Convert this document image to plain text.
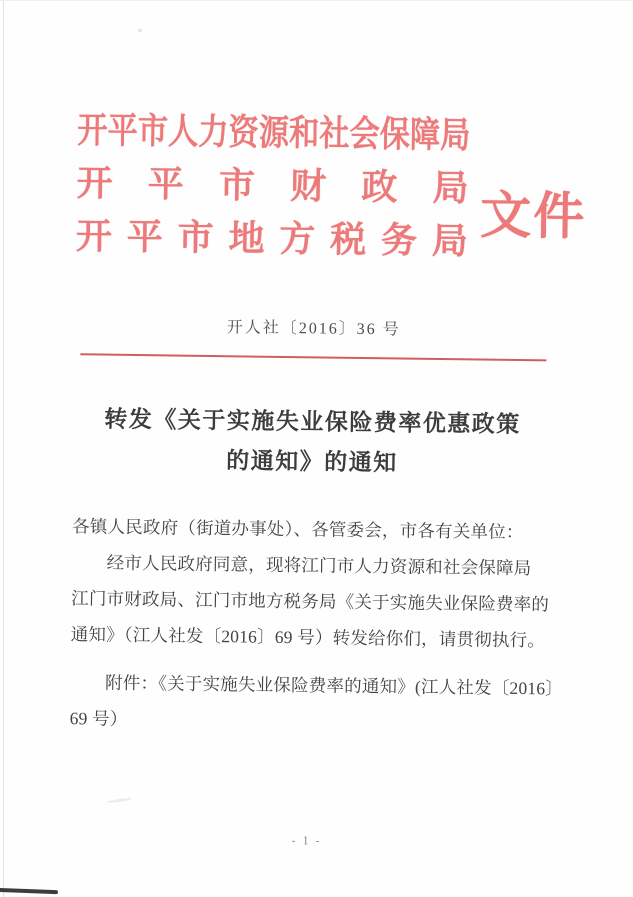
开平市人力资源和社会保障局
开 平 市 财 政 局
开 平 市 地 方 税 务 局 文件
开人社〔2016〕36 号
转发《关于实施失业保险费率优惠政策
的通知》的通知
各镇人民政府（街道办事处）、各管委会，市各有关单位：
经市人民政府同意，现将江门市人力资源和社会保障局
江门市财政局、江门市地方税务局《关于实施失业保险费率的
通知》（江人社发〔2016〕69 号）转发给你们，请贯彻执行。
附件：《关于实施失业保险费率的通知》(江人社发〔2016〕
69 号）
- 1 -
